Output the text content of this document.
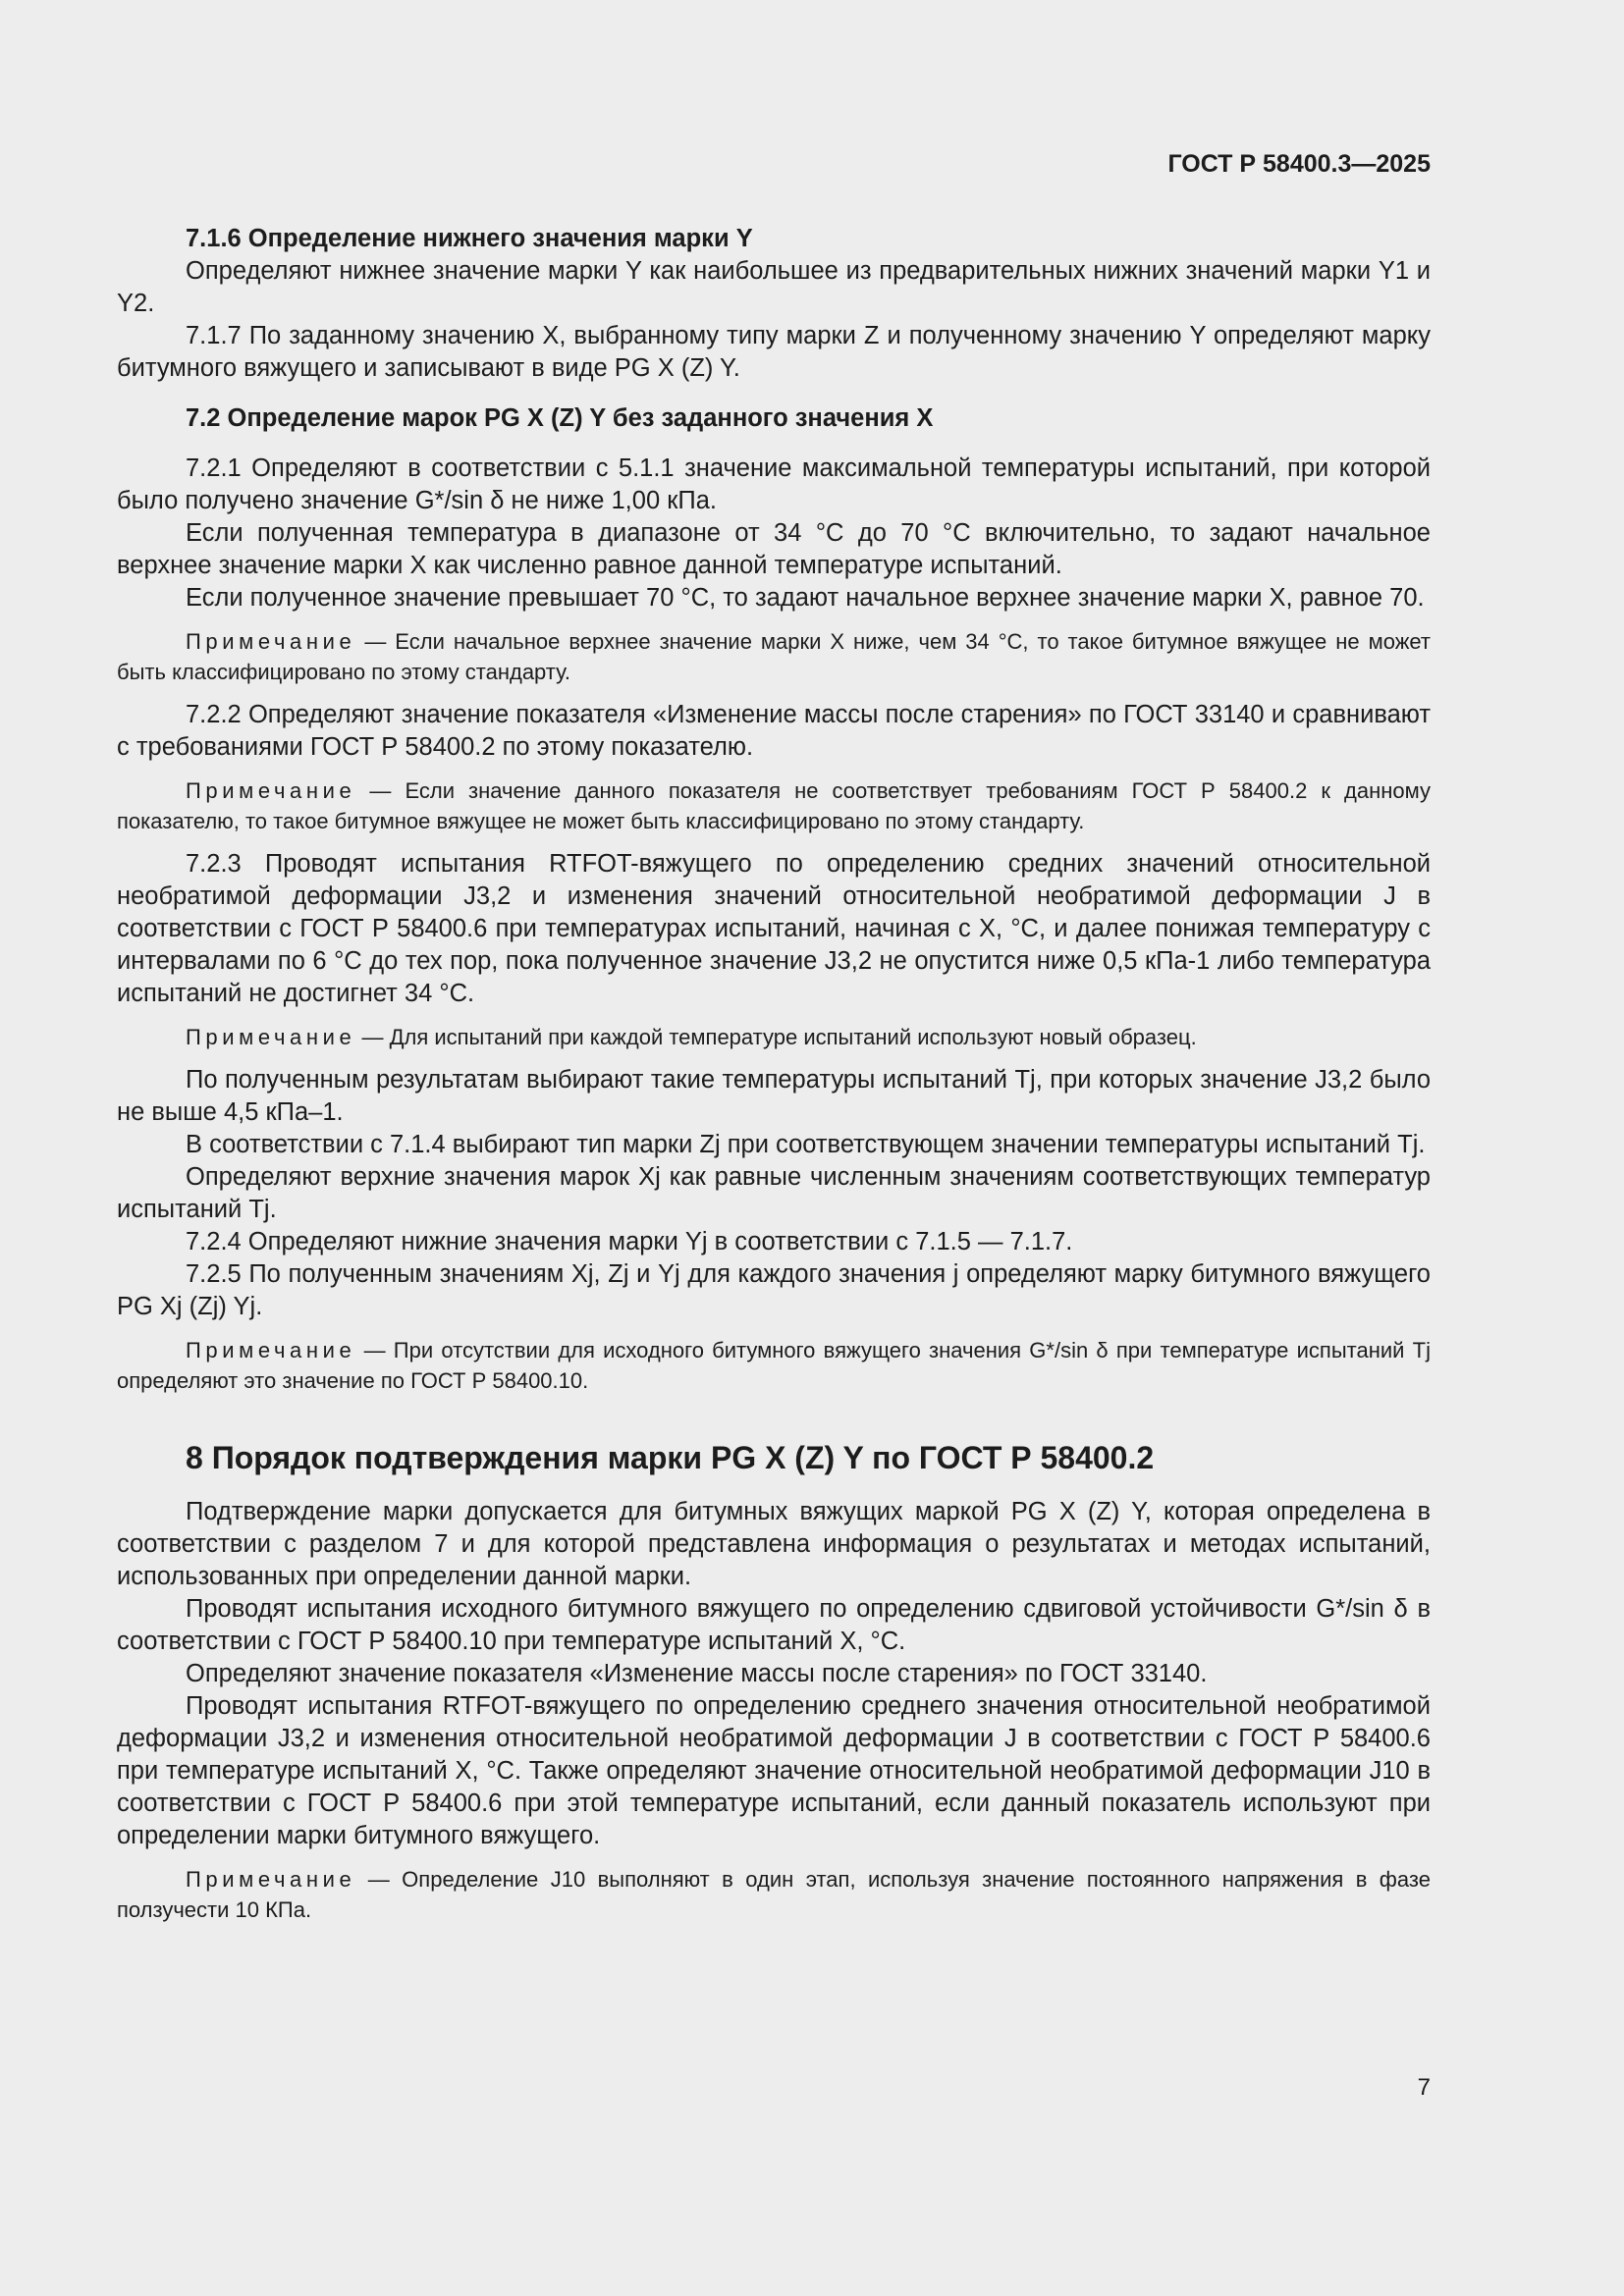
ГОСТ Р 58400.3—2025
7.1.6 Определение нижнего значения марки Y

Определяют нижнее значение марки Y как наибольшее из предварительных нижних значений марки Y1 и Y2.

7.1.7 По заданному значению X, выбранному типу марки Z и полученному значению Y определяют марку битумного вяжущего и записывают в виде PG X (Z) Y.

7.2 Определение марок PG X (Z) Y без заданного значения X

7.2.1 Определяют в соответствии с 5.1.1 значение максимальной температуры испытаний, при которой было получено значение G*/sin δ не ниже 1,00 кПа.

Если полученная температура в диапазоне от 34 °С до 70 °С включительно, то задают начальное верхнее значение марки X как численно равное данной температуре испытаний.

Если полученное значение превышает 70 °С, то задают начальное верхнее значение марки X, равное 70.

Примечание — Если начальное верхнее значение марки X ниже, чем 34 °С, то такое битумное вяжущее не может быть классифицировано по этому стандарту.

7.2.2 Определяют значение показателя «Изменение массы после старения» по ГОСТ 33140 и сравнивают с требованиями ГОСТ Р 58400.2 по этому показателю.

Примечание — Если значение данного показателя не соответствует требованиям ГОСТ Р 58400.2 к данному показателю, то такое битумное вяжущее не может быть классифицировано по этому стандарту.

7.2.3 Проводят испытания RTFOT-вяжущего по определению средних значений относительной необратимой деформации J3,2 и изменения значений относительной необратимой деформации J в соответствии с ГОСТ Р 58400.6 при температурах испытаний, начиная с X, °С, и далее понижая температуру с интервалами по 6 °С до тех пор, пока полученное значение J3,2 не опустится ниже 0,5 кПа-1 либо температура испытаний не достигнет 34 °С.

Примечание — Для испытаний при каждой температуре испытаний используют новый образец.

По полученным результатам выбирают такие температуры испытаний Tj, при которых значение J3,2 было не выше 4,5 кПа–1.

В соответствии с 7.1.4 выбирают тип марки Zj при соответствующем значении температуры испытаний Tj.

Определяют верхние значения марок Xj как равные численным значениям соответствующих температур испытаний Tj.

7.2.4 Определяют нижние значения марки Yj в соответствии с 7.1.5 — 7.1.7.

7.2.5 По полученным значениям Xj, Zj и Yj для каждого значения j определяют марку битумного вяжущего PG Xj (Zj) Yj.

Примечание — При отсутствии для исходного битумного вяжущего значения G*/sin δ при температуре испытаний Tj определяют это значение по ГОСТ Р 58400.10.

8 Порядок подтверждения марки PG X (Z) Y по ГОСТ Р 58400.2

Подтверждение марки допускается для битумных вяжущих маркой PG X (Z) Y, которая определена в соответствии с разделом 7 и для которой представлена информация о результатах и методах испытаний, использованных при определении данной марки.

Проводят испытания исходного битумного вяжущего по определению сдвиговой устойчивости G*/sin δ в соответствии с ГОСТ Р 58400.10 при температуре испытаний X, °С.

Определяют значение показателя «Изменение массы после старения» по ГОСТ 33140.

Проводят испытания RTFOT-вяжущего по определению среднего значения относительной необратимой деформации J3,2 и изменения относительной необратимой деформации J в соответствии с ГОСТ Р 58400.6 при температуре испытаний X, °С. Также определяют значение относительной необратимой деформации J10 в соответствии с ГОСТ Р 58400.6 при этой температуре испытаний, если данный показатель используют при определении марки битумного вяжущего.

Примечание — Определение J10 выполняют в один этап, используя значение постоянного напряжения в фазе ползучести 10 КПа.

7
